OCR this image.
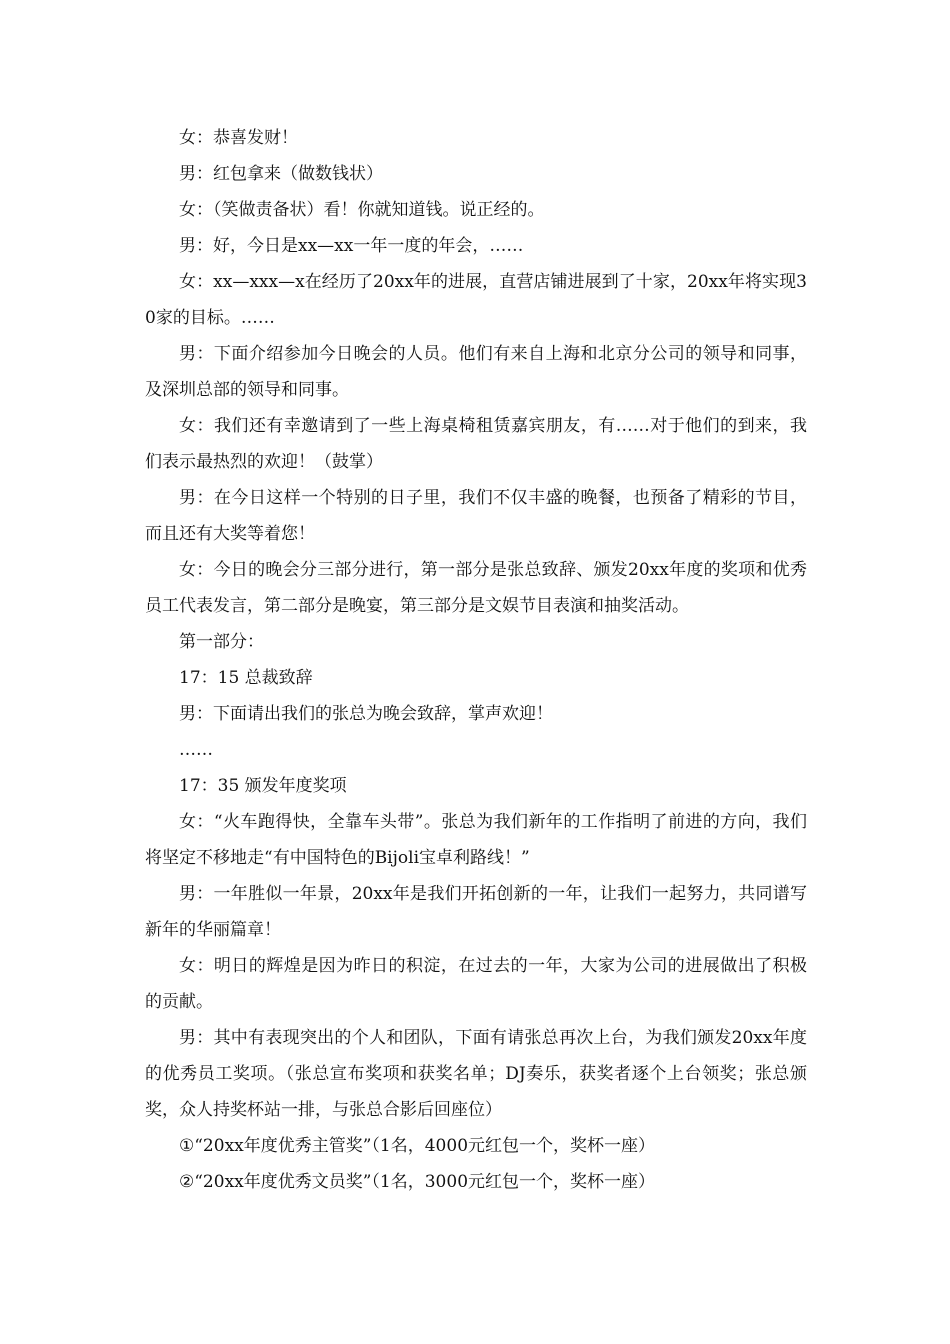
女：恭喜发财！

男：红包拿来（做数钱状）

女：（笑做责备状）看！你就知道钱。说正经的。

男：好，今日是xx—xx一年一度的年会，……

女：xx—xxx—x在经历了20xx年的进展，直营店铺进展到了十家，20xx年将实现30家的目标。……

男：下面介绍参加今日晚会的人员。他们有来自上海和北京分公司的领导和同事，及深圳总部的领导和同事。

女：我们还有幸邀请到了一些上海桌椅租赁嘉宾朋友，有……对于他们的到来，我们表示最热烈的欢迎！（鼓掌）

男：在今日这样一个特别的日子里，我们不仅丰盛的晚餐，也预备了精彩的节目，而且还有大奖等着您！

女：今日的晚会分三部分进行，第一部分是张总致辞、颁发20xx年度的奖项和优秀员工代表发言，第二部分是晚宴，第三部分是文娱节目表演和抽奖活动。

第一部分：

17：15 总裁致辞

男：下面请出我们的张总为晚会致辞，掌声欢迎！

……

17：35 颁发年度奖项

女：“火车跑得快，全靠车头带”。张总为我们新年的工作指明了前进的方向，我们将坚定不移地走“有中国特色的Bijoli宝卓利路线！”

男：一年胜似一年景，20xx年是我们开拓创新的一年，让我们一起努力，共同谱写新年的华丽篇章！

女：明日的辉煌是因为昨日的积淀，在过去的一年，大家为公司的进展做出了积极的贡献。

男：其中有表现突出的个人和团队，下面有请张总再次上台，为我们颁发20xx年度的优秀员工奖项。（张总宣布奖项和获奖名单；DJ奏乐，获奖者逐个上台领奖；张总颁奖，众人持奖杯站一排，与张总合影后回座位）

①“20xx年度优秀主管奖”（1名，4000元红包一个，奖杯一座）

②“20xx年度优秀文员奖”（1名，3000元红包一个，奖杯一座）
